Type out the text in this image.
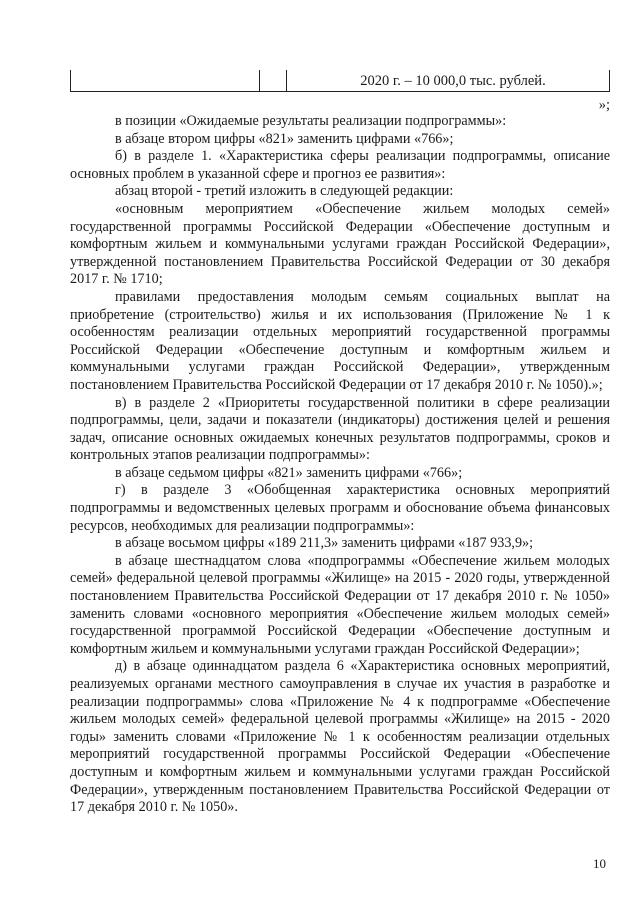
		2020 г. – 10 000,0 тыс. рублей.
»;

в позиции «Ожидаемые результаты реализации подпрограммы»:

в абзаце втором цифры «821» заменить цифрами «766»;

б) в разделе 1. «Характеристика сферы реализации подпрограммы, описание основных проблем в указанной сфере и прогноз ее развития»:

абзац второй - третий изложить в следующей редакции:

«основным мероприятием «Обеспечение жильем молодых семей» государственной программы Российской Федерации «Обеспечение доступным и комфортным жильем и коммунальными услугами граждан Российской Федерации», утвержденной постановлением Правительства Российской Федерации от 30 декабря 2017 г. № 1710;

правилами предоставления молодым семьям социальных выплат на приобретение (строительство) жилья и их использования (Приложение № 1 к особенностям реализации отдельных мероприятий государственной программы Российской Федерации «Обеспечение доступным и комфортным жильем и коммунальными услугами граждан Российской Федерации», утвержденным постановлением Правительства Российской Федерации от 17 декабря 2010 г. № 1050).»;

в) в разделе 2 «Приоритеты государственной политики в сфере реализации подпрограммы, цели, задачи и показатели (индикаторы) достижения целей и решения задач, описание основных ожидаемых конечных результатов подпрограммы, сроков и контрольных этапов реализации подпрограммы»:

в абзаце седьмом цифры «821» заменить цифрами «766»;

г) в разделе 3 «Обобщенная характеристика основных мероприятий подпрограммы и ведомственных целевых программ и обоснование объема финансовых ресурсов, необходимых для реализации подпрограммы»:

в абзаце восьмом цифры «189 211,3» заменить цифрами «187 933,9»;

в абзаце шестнадцатом слова «подпрограммы «Обеспечение жильем молодых семей» федеральной целевой программы «Жилище» на 2015 - 2020 годы, утвержденной постановлением Правительства Российской Федерации от 17 декабря 2010 г. № 1050» заменить словами «основного мероприятия «Обеспечение жильем молодых семей» государственной программой Российской Федерации «Обеспечение доступным и комфортным жильем и коммунальными услугами граждан Российской Федерации»;

д) в абзаце одиннадцатом раздела 6 «Характеристика основных мероприятий, реализуемых органами местного самоуправления в случае их участия в разработке и реализации подпрограммы» слова «Приложение № 4 к подпрограмме «Обеспечение жильем молодых семей» федеральной целевой программы «Жилище» на 2015 - 2020 годы» заменить словами «Приложение № 1 к особенностям реализации отдельных мероприятий государственной программы Российской Федерации «Обеспечение доступным и комфортным жильем и коммунальными услугами граждан Российской Федерации», утвержденным постановлением Правительства Российской Федерации от 17 декабря 2010 г. № 1050».

10
